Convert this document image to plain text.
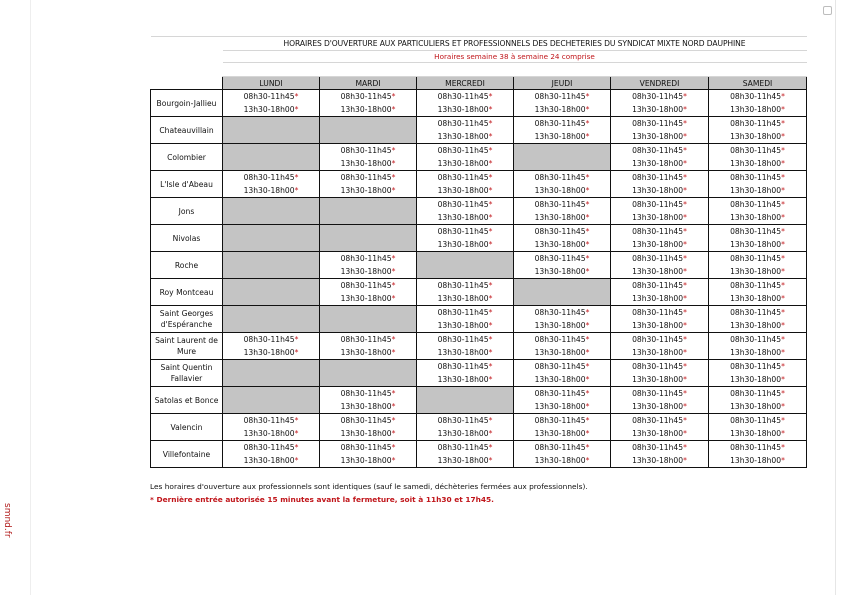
smnd.fr
	HORAIRES D'OUVERTURE AUX PARTICULIERS ET PROFESSIONNELS DES DECHETERIES DU SYNDICAT MIXTE NORD DAUPHINE					
	Horaires semaine 38 à semaine 24 comprise					

	LUNDI	MARDI	MERCREDI	JEUDI	VENDREDI	SAMEDI
Bourgoin-Jallieu	08h30-11h45*
13h30-18h00*	08h30-11h45*
13h30-18h00*	08h30-11h45*
13h30-18h00*	08h30-11h45*
13h30-18h00*	08h30-11h45*
13h30-18h00*	08h30-11h45*
13h30-18h00*

Chateauvillain			08h30-11h45*
13h30-18h00*	08h30-11h45*
13h30-18h00*	08h30-11h45*
13h30-18h00*	08h30-11h45*
13h30-18h00*

Colombier		08h30-11h45*
13h30-18h00*	08h30-11h45*
13h30-18h00*		08h30-11h45*
13h30-18h00*	08h30-11h45*
13h30-18h00*

L'Isle d'Abeau	08h30-11h45*
13h30-18h00*	08h30-11h45*
13h30-18h00*	08h30-11h45*
13h30-18h00*	08h30-11h45*
13h30-18h00*	08h30-11h45*
13h30-18h00*	08h30-11h45*
13h30-18h00*

Jons			08h30-11h45*
13h30-18h00*	08h30-11h45*
13h30-18h00*	08h30-11h45*
13h30-18h00*	08h30-11h45*
13h30-18h00*

Nivolas			08h30-11h45*
13h30-18h00*	08h30-11h45*
13h30-18h00*	08h30-11h45*
13h30-18h00*	08h30-11h45*
13h30-18h00*

Roche		08h30-11h45*
13h30-18h00*		08h30-11h45*
13h30-18h00*	08h30-11h45*
13h30-18h00*	08h30-11h45*
13h30-18h00*

Roy Montceau		08h30-11h45*
13h30-18h00*	08h30-11h45*
13h30-18h00*		08h30-11h45*
13h30-18h00*	08h30-11h45*
13h30-18h00*

Saint Georges d'Espéranche			08h30-11h45*
13h30-18h00*	08h30-11h45*
13h30-18h00*	08h30-11h45*
13h30-18h00*	08h30-11h45*
13h30-18h00*

Saint Laurent de Mure	08h30-11h45*
13h30-18h00*	08h30-11h45*
13h30-18h00*	08h30-11h45*
13h30-18h00*	08h30-11h45*
13h30-18h00*	08h30-11h45*
13h30-18h00*	08h30-11h45*
13h30-18h00*

Saint Quentin Fallavier			08h30-11h45*
13h30-18h00*	08h30-11h45*
13h30-18h00*	08h30-11h45*
13h30-18h00*	08h30-11h45*
13h30-18h00*

Satolas et Bonce		08h30-11h45*
13h30-18h00*		08h30-11h45*
13h30-18h00*	08h30-11h45*
13h30-18h00*	08h30-11h45*
13h30-18h00*

Valencin	08h30-11h45*
13h30-18h00*	08h30-11h45*
13h30-18h00*	08h30-11h45*
13h30-18h00*	08h30-11h45*
13h30-18h00*	08h30-11h45*
13h30-18h00*	08h30-11h45*
13h30-18h00*

Villefontaine	08h30-11h45*
13h30-18h00*	08h30-11h45*
13h30-18h00*	08h30-11h45*
13h30-18h00*	08h30-11h45*
13h30-18h00*	08h30-11h45*
13h30-18h00*	08h30-11h45*
13h30-18h00*
Les horaires d'ouverture aux professionnels sont identiques (sauf le samedi, déchèteries fermées aux professionnels).
* Dernière entrée autorisée 15 minutes avant la fermeture, soit à 11h30 et 17h45.
